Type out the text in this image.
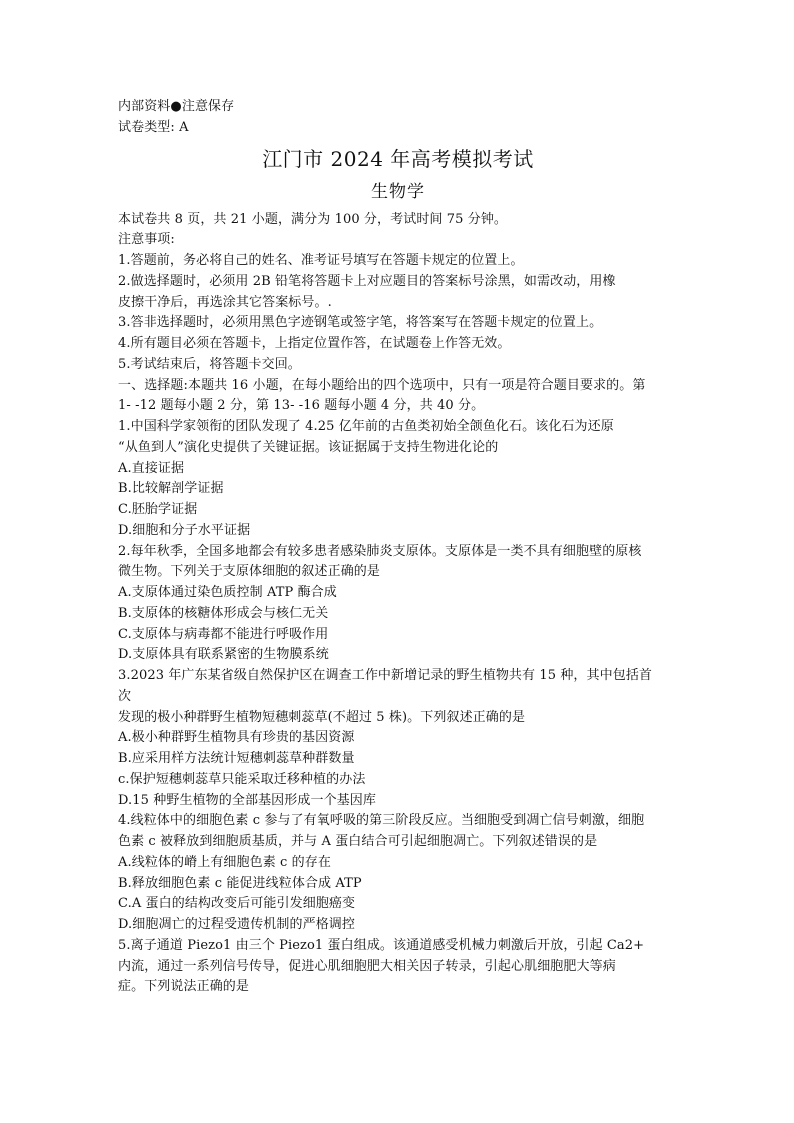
内部资料●注意保存

试卷类型: A

江门市 2024 年高考模拟考试

生物学

本试卷共 8 页，共 21 小题，满分为 100 分，考试时间 75 分钟。

注意事项:

1.答题前，务必将自己的姓名、准考证号填写在答题卡规定的位置上。

2.做选择题时，必须用 2B 铅笔将答题卡上对应题目的答案标号涂黑，如需改动，用橡

皮擦干净后，再选涂其它答案标号。.

3.答非选择题时，必须用黑色字迹钢笔或签字笔，将答案写在答题卡规定的位置上。

4.所有题目必须在答题卡，上指定位置作答，在试题卷上作答无效。

5.考试结束后，将答题卡交回。

一、选择题:本题共 16 小题，在每小题给出的四个选项中，只有一项是符合题目要求的。第

1- -12 题每小题 2 分，第 13- -16 题每小题 4 分，共 40 分。

1.中国科学家领衔的团队发现了 4.25 亿年前的古鱼类初始全颌鱼化石。该化石为还原

“从鱼到人”演化史提供了关键证据。该证据属于支持生物进化论的

A.直接证据

B.比较解剖学证据

C.胚胎学证据

D.细胞和分子水平证据

2.每年秋季，全国多地都会有较多患者感染肺炎支原体。支原体是一类不具有细胞壁的原核

微生物。下列关于支原体细胞的叙述正确的是

A.支原体通过染色质控制 ATP 酶合成

B.支原体的核糖体形成会与核仁无关

C.支原体与病毒都不能进行呼吸作用

D.支原体具有联系紧密的生物膜系统

3.2023 年广东某省级自然保护区在调查工作中新增记录的野生植物共有 15 种，其中包括首

次

发现的极小种群野生植物短穗刺蕊草(不超过 5 株)。下列叙述正确的是

A.极小种群野生植物具有珍贵的基因资源

B.应采用样方法统计短穗刺蕊草种群数量

c.保护短穗刺蕊草只能采取迁移种植的办法

D.15 种野生植物的全部基因形成一个基因库

4.线粒体中的细胞色素 c 参与了有氧呼吸的第三阶段反应。当细胞受到凋亡信号刺激，细胞

色素 c 被释放到细胞质基质，并与 A 蛋白结合可引起细胞凋亡。下列叙述错误的是

A.线粒体的嵴上有细胞色素 c 的存在

B.释放细胞色素 c 能促进线粒体合成 ATP

C.A 蛋白的结构改变后可能引发细胞癌变

D.细胞凋亡的过程受遗传机制的严格调控

5.离子通道 Piezo1 由三个 Piezo1 蛋白组成。该通道感受机械力刺激后开放，引起 Ca2+

内流，通过一系列信号传导，促进心肌细胞肥大相关因子转录，引起心肌细胞肥大等病

症。下列说法正确的是
